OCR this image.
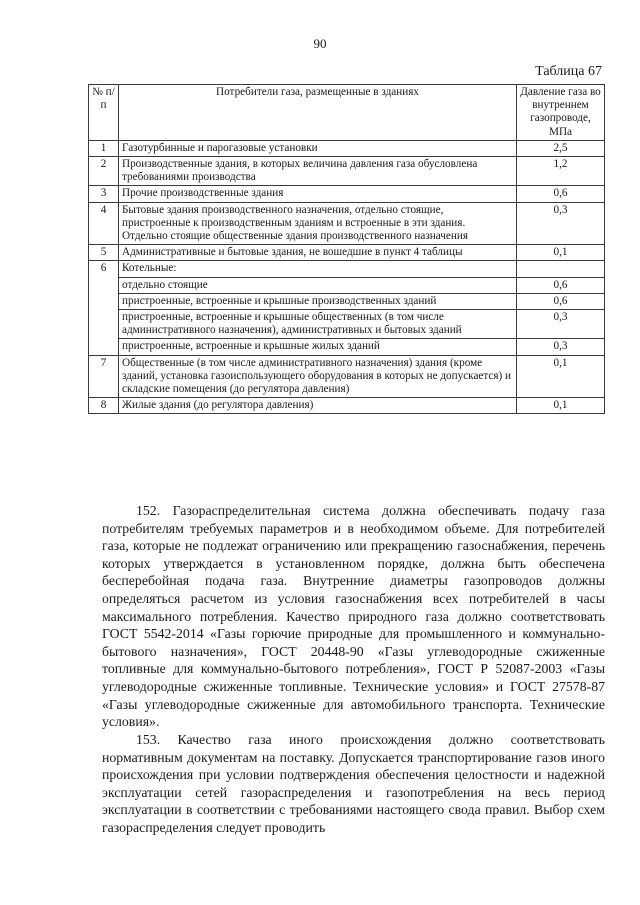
90
Таблица 67
№ п/п	Потребители газа, размещенные в зданиях	Давление газа во внутреннем газопроводе, МПа
1	Газотурбинные и парогазовые установки	2,5
2	Производственные здания, в которых величина давления газа обусловлена требованиями производства	1,2
3	Прочие производственные здания	0,6
4	Бытовые здания производственного назначения, отдельно стоящие, пристроенные к производственным зданиям и встроенные в эти здания. Отдельно стоящие общественные здания производственного назначения	0,3
5	Административные и бытовые здания, не вошедшие в пункт 4 таблицы	0,1
6	Котельные:	
	отдельно стоящие	0,6
	пристроенные, встроенные и крышные производственных зданий	0,6
	пристроенные, встроенные и крышные общественных (в том числе административного назначения), административных и бытовых зданий	0,3
	пристроенные, встроенные и крышные жилых зданий	0,3
7	Общественные (в том числе административного назначения) здания (кроме зданий, установка газоиспользующего оборудования в которых не допускается) и складские помещения (до регулятора давления)	0,1
8	Жилые здания (до регулятора давления)	0,1
152. Газораспределительная система должна обеспечивать подачу газа потребителям требуемых параметров и в необходимом объеме. Для потребителей газа, которые не подлежат ограничению или прекращению газоснабжения, перечень которых утверждается в установленном порядке, должна быть обеспечена бесперебойная подача газа. Внутренние диаметры газопроводов должны определяться расчетом из условия газоснабжения всех потребителей в часы максимального потребления. Качество природного газа должно соответствовать ГОСТ 5542-2014 «Газы горючие природные для промышленного и коммунально-бытового назначения», ГОСТ 20448-90 «Газы углеводородные сжиженные топливные для коммунально-бытового потребления», ГОСТ Р 52087-2003 «Газы углеводородные сжиженные топливные. Технические условия» и ГОСТ 27578-87 «Газы углеводородные сжиженные для автомобильного транспорта. Технические условия».
153. Качество газа иного происхождения должно соответствовать нормативным документам на поставку. Допускается транспортирование газов иного происхождения при условии подтверждения обеспечения целостности и надежной эксплуатации сетей газораспределения и газопотребления на весь период эксплуатации в соответствии с требованиями настоящего свода правил. Выбор схем газораспределения следует проводить
